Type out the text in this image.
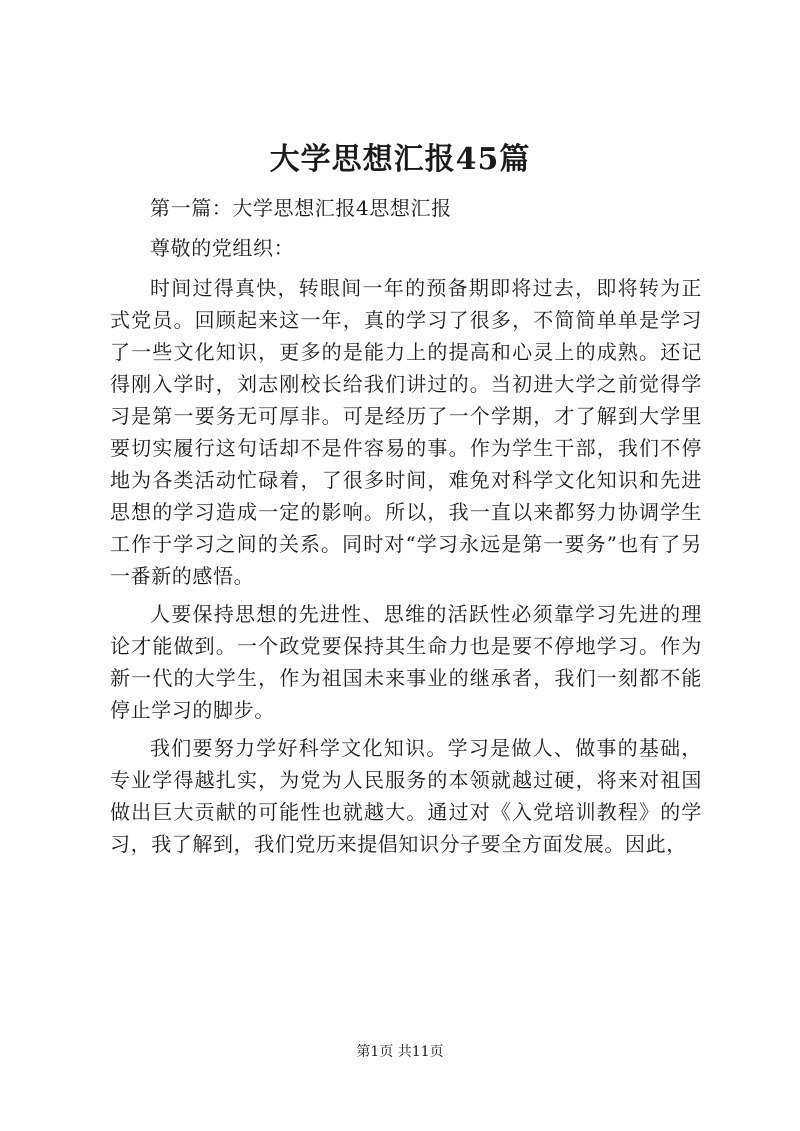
大学思想汇报45篇

第一篇：大学思想汇报4思想汇报

尊敬的党组织：

时间过得真快，转眼间一年的预备期即将过去，即将转为正式党员。回顾起来这一年，真的学习了很多，不简简单单是学习了一些文化知识，更多的是能力上的提高和心灵上的成熟。还记得刚入学时，刘志刚校长给我们讲过的。当初进大学之前觉得学习是第一要务无可厚非。可是经历了一个学期，才了解到大学里要切实履行这句话却不是件容易的事。作为学生干部，我们不停地为各类活动忙碌着，了很多时间，难免对科学文化知识和先进思想的学习造成一定的影响。所以，我一直以来都努力协调学生工作于学习之间的关系。同时对“学习永远是第一要务”也有了另一番新的感悟。

人要保持思想的先进性、思维的活跃性必须靠学习先进的理论才能做到。一个政党要保持其生命力也是要不停地学习。作为新一代的大学生，作为祖国未来事业的继承者，我们一刻都不能停止学习的脚步。

我们要努力学好科学文化知识。学习是做人、做事的基础，专业学得越扎实，为党为人民服务的本领就越过硬，将来对祖国做出巨大贡献的可能性也就越大。通过对《入党培训教程》的学习，我了解到，我们党历来提倡知识分子要全方面发展。因此，

第1页 共11页
